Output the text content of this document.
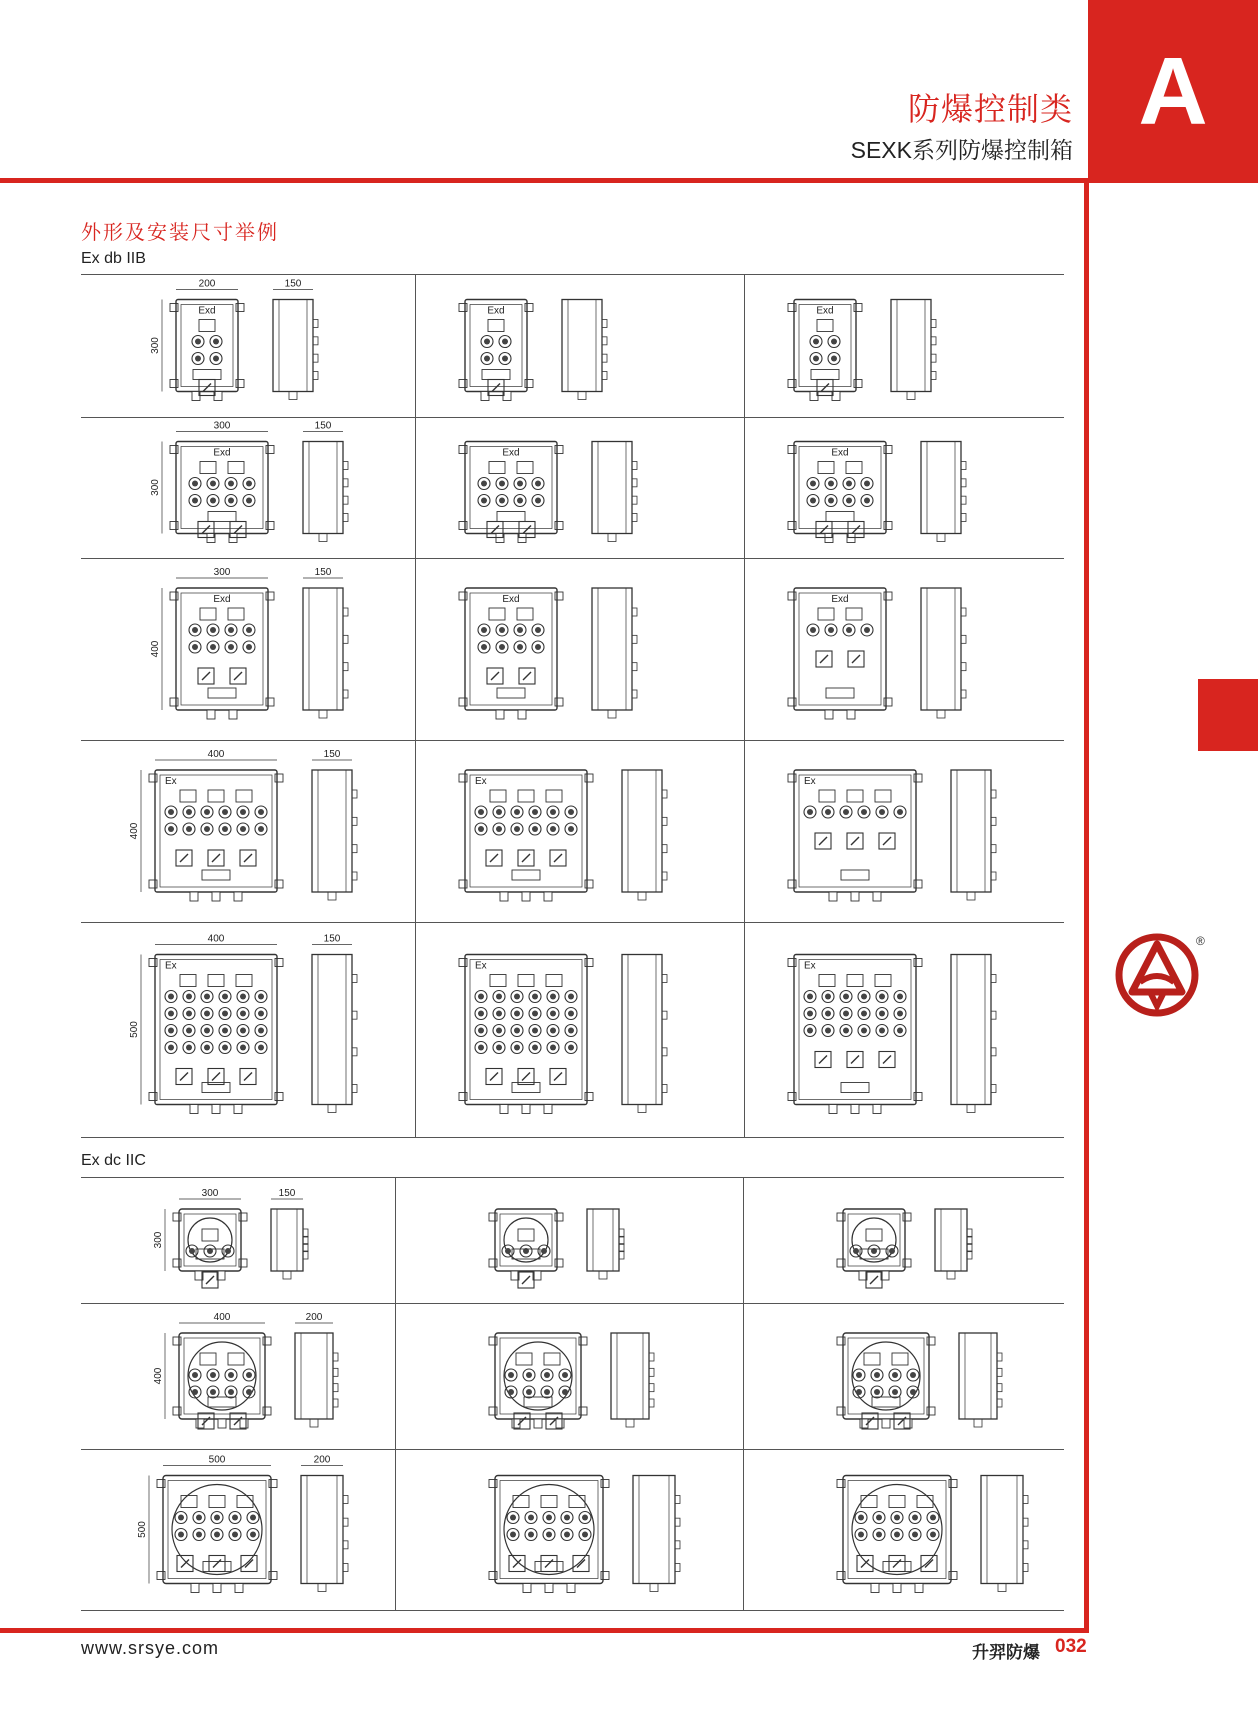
A
防爆控制类
SEXK系列防爆控制箱
外形及安装尺寸举例
Ex db IIB
Ex dc IIC
200
300
150
Exd	Exd	Exd
300
300
150
Exd	Exd	Exd
300
400
150
Exd	Exd	Exd
400
400
150
Ex	Ex	Ex
400
500
150
Ex	Ex	Ex
300
300
150
400
400
200
500
500
200
®
www.srsye.com	升羿防爆 032
